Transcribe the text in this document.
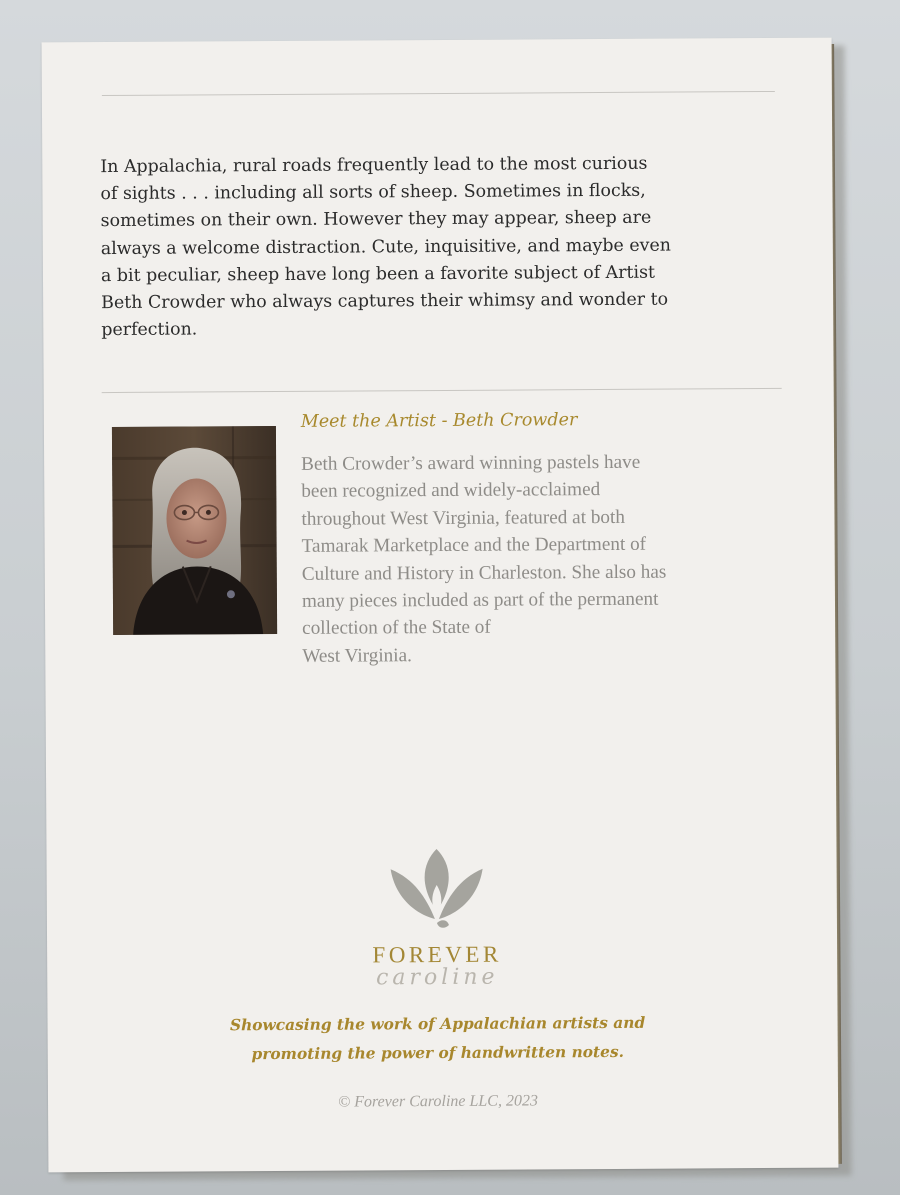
In Appalachia, rural roads frequently lead to the most curious
of sights . . . including all sorts of sheep. Sometimes in flocks,
sometimes on their own. However they may appear, sheep are
always a welcome distraction. Cute, inquisitive, and maybe even
a bit peculiar, sheep have long been a favorite subject of Artist
Beth Crowder who always captures their whimsy and wonder to
perfection.

Meet the Artist - Beth Crowder

Beth Crowder’s award winning pastels have
been recognized and widely-acclaimed
throughout West Virginia, featured at both
Tamarak Marketplace and the Department of
Culture and History in Charleston. She also has
many pieces included as part of the permanent
collection of the State of
West Virginia.

FOREVER
caroline
Showcasing the work of Appalachian artists and
promoting the power of handwritten notes.
© Forever Caroline LLC, 2023
